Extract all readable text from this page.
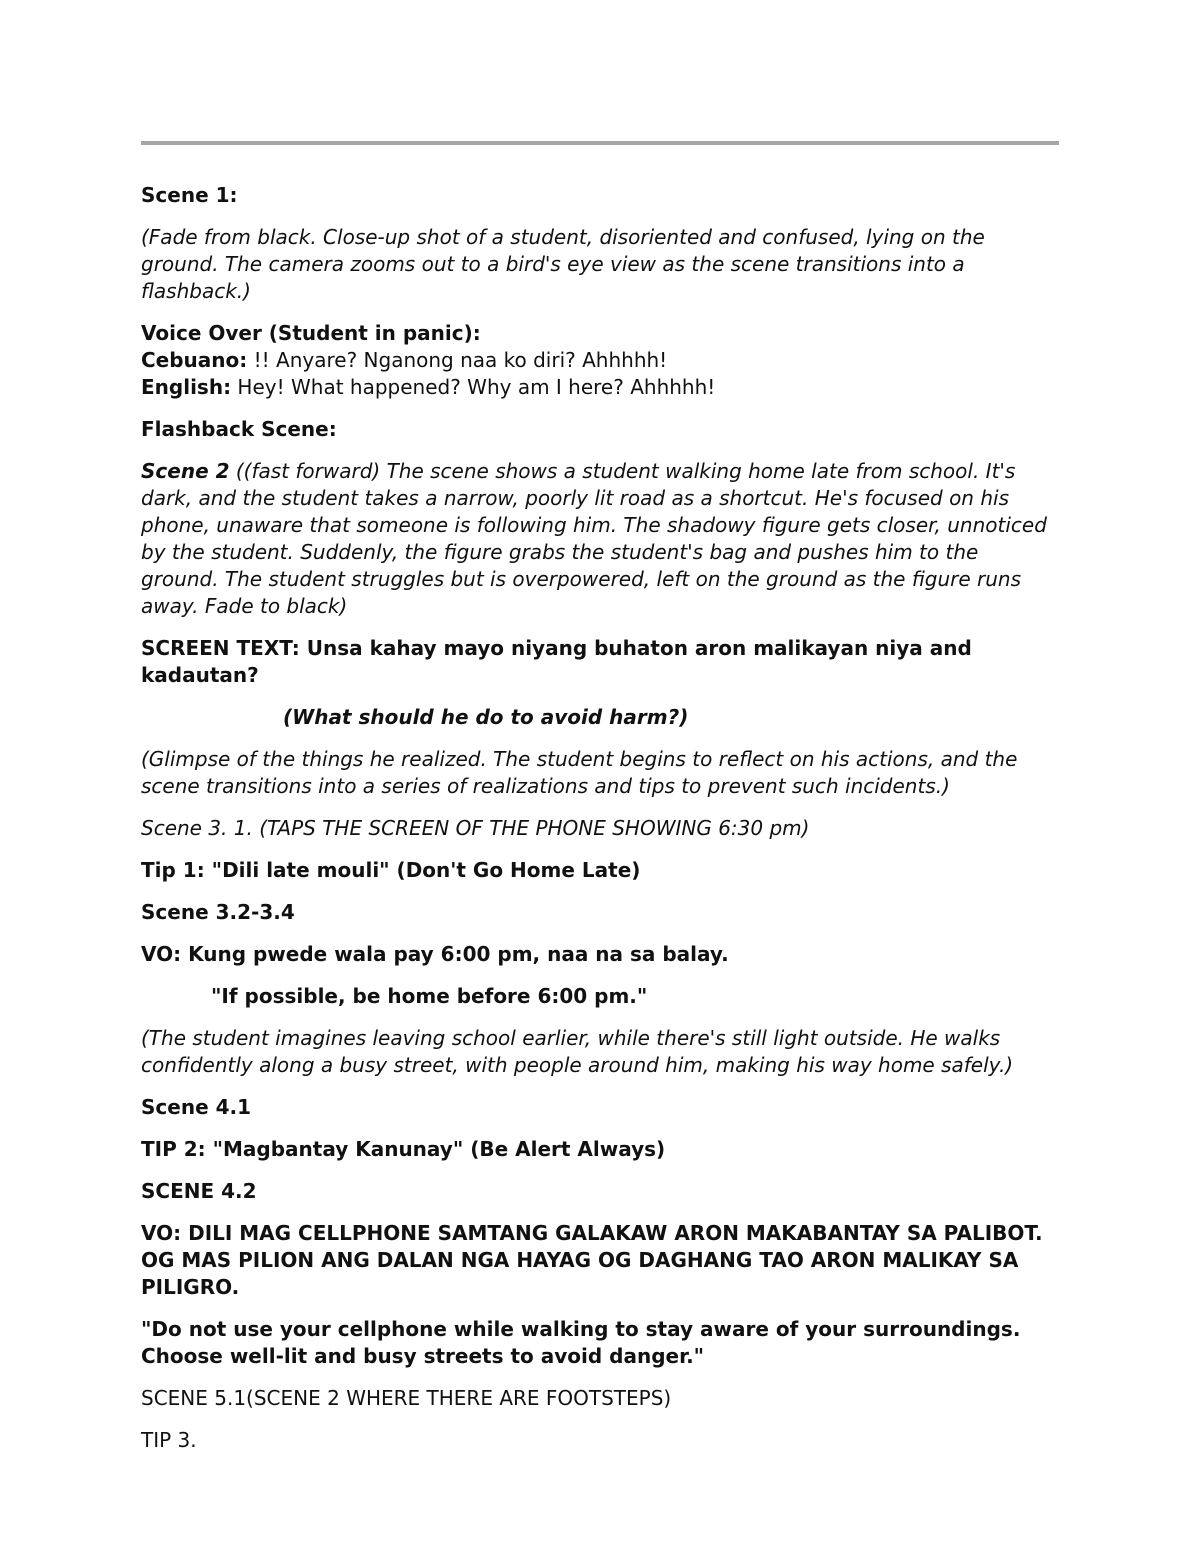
Scene 1:

(Fade from black. Close-up shot of a student, disoriented and confused, lying on the ground. The camera zooms out to a bird's eye view as the scene transitions into a flashback.)

Voice Over (Student in panic):

Cebuano: !! Anyare? Nganong naa ko diri? Ahhhhh!

English: Hey! What happened? Why am I here? Ahhhhh!

Flashback Scene:

Scene 2 ((fast forward) The scene shows a student walking home late from school. It's dark, and the student takes a narrow, poorly lit road as a shortcut. He's focused on his phone, unaware that someone is following him. The shadowy figure gets closer, unnoticed by the student. Suddenly, the figure grabs the student's bag and pushes him to the ground. The student struggles but is overpowered, left on the ground as the figure runs away. Fade to black)

SCREEN TEXT: Unsa kahay mayo niyang buhaton aron malikayan niya and kadautan?

(What should he do to avoid harm?)

(Glimpse of the things he realized. The student begins to reflect on his actions, and the scene transitions into a series of realizations and tips to prevent such incidents.)

Scene 3. 1. (TAPS THE SCREEN OF THE PHONE SHOWING 6:30 pm)

Tip 1: "Dili late mouli" (Don't Go Home Late)

Scene 3.2-3.4

VO: Kung pwede wala pay 6:00 pm, naa na sa balay.

"If possible, be home before 6:00 pm."

(The student imagines leaving school earlier, while there's still light outside. He walks confidently along a busy street, with people around him, making his way home safely.)

Scene 4.1

TIP 2: "Magbantay Kanunay" (Be Alert Always)

SCENE 4.2

VO: DILI MAG CELLPHONE SAMTANG GALAKAW ARON MAKABANTAY SA PALIBOT. OG MAS PILION ANG DALAN NGA HAYAG OG DAGHANG TAO ARON MALIKAY SA PILIGRO.

"Do not use your cellphone while walking to stay aware of your surroundings. Choose well-lit and busy streets to avoid danger."

SCENE 5.1(SCENE 2 WHERE THERE ARE FOOTSTEPS)

TIP 3.
